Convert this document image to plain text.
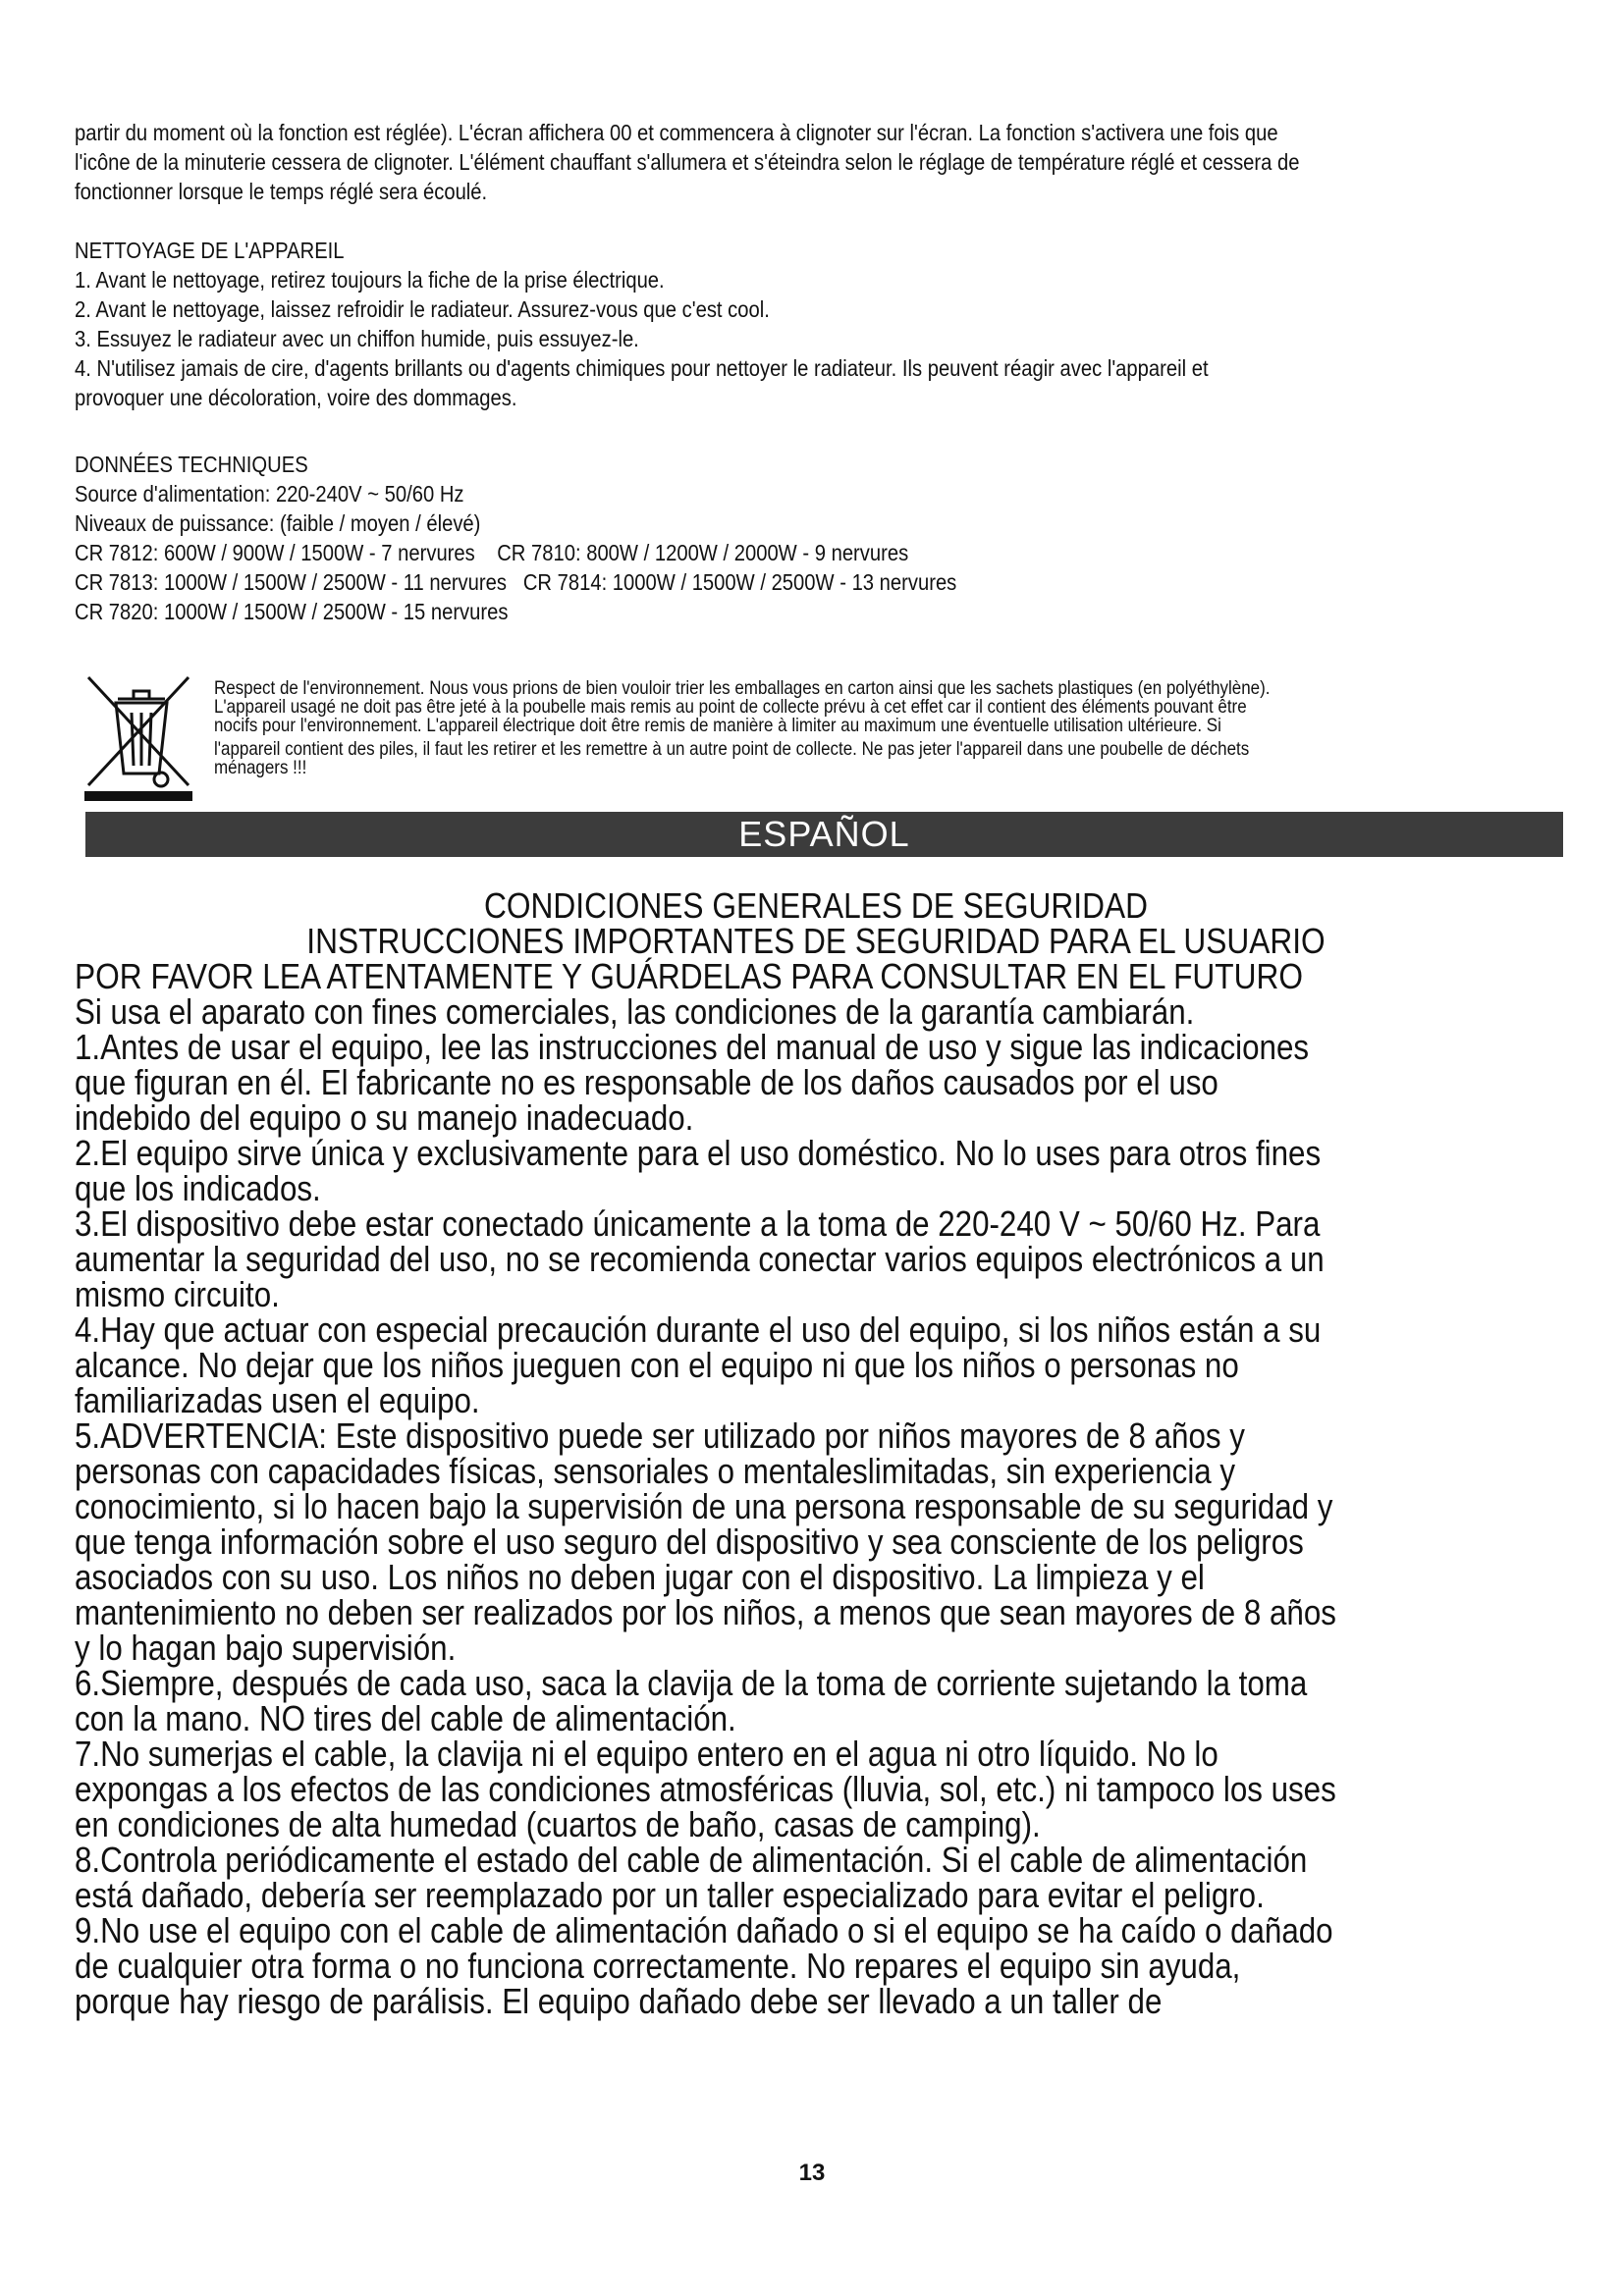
partir du moment où la fonction est réglée). L'écran affichera 00 et commencera à clignoter sur l'écran. La fonction s'activera une fois que

l'icône de la minuterie cessera de clignoter. L'élément chauffant s'allumera et s'éteindra selon le réglage de température réglé et cessera de

fonctionner lorsque le temps réglé sera écoulé.

NETTOYAGE DE L'APPAREIL

1. Avant le nettoyage, retirez toujours la fiche de la prise électrique.

2. Avant le nettoyage, laissez refroidir le radiateur. Assurez-vous que c'est cool.

3. Essuyez le radiateur avec un chiffon humide, puis essuyez-le.

4. N'utilisez jamais de cire, d'agents brillants ou d'agents chimiques pour nettoyer le radiateur. Ils peuvent réagir avec l'appareil et

provoquer une décoloration, voire des dommages.

DONNÉES TECHNIQUES

Source d'alimentation: 220-240V ~ 50/60 Hz

Niveaux de puissance: (faible / moyen / élevé)

CR 7812: 600W / 900W / 1500W - 7 nervures    CR 7810: 800W / 1200W / 2000W - 9 nervures

CR 7813: 1000W / 1500W / 2500W - 11 nervures   CR 7814: 1000W / 1500W / 2500W - 13 nervures

CR 7820: 1000W / 1500W / 2500W - 15 nervures

Respect de l'environnement. Nous vous prions de bien vouloir trier les emballages en carton ainsi que les sachets plastiques (en polyéthylène).

L'appareil usagé ne doit pas être jeté à la poubelle mais remis au point de collecte prévu à cet effet car il contient des éléments pouvant être

nocifs pour l'environnement. L'appareil électrique doit être remis de manière à limiter au maximum une éventuelle utilisation ultérieure. Si

l'appareil contient des piles, il faut les retirer et les remettre à un autre point de collecte. Ne pas jeter l'appareil dans une poubelle de déchets

ménagers !!!

ESPAÑOL
CONDICIONES GENERALES DE SEGURIDAD
INSTRUCCIONES IMPORTANTES DE SEGURIDAD PARA EL USUARIO
POR FAVOR LEA ATENTAMENTE Y GUÁRDELAS PARA CONSULTAR EN EL FUTURO

Si usa el aparato con fines comerciales, las condiciones de la garantía cambiarán.

1.Antes de usar el equipo, lee las instrucciones del manual de uso y sigue las indicaciones

que figuran en él. El fabricante no es responsable de los daños causados por el uso

indebido del equipo o su manejo inadecuado.

2.El equipo sirve única y exclusivamente para el uso doméstico. No lo uses para otros fines

que los indicados.

3.El dispositivo debe estar conectado únicamente a la toma de 220-240 V ~ 50/60 Hz. Para

aumentar la seguridad del uso, no se recomienda conectar varios equipos electrónicos a un

mismo circuito.

4.Hay que actuar con especial precaución durante el uso del equipo, si los niños están a su

alcance. No dejar que los niños jueguen con el equipo ni que los niños o personas no

familiarizadas usen el equipo.

5.ADVERTENCIA: Este dispositivo puede ser utilizado por niños mayores de 8 años y

personas con capacidades físicas, sensoriales o mentaleslimitadas, sin experiencia y

conocimiento, si lo hacen bajo la supervisión de una persona responsable de su seguridad y

que tenga información sobre el uso seguro del dispositivo y sea consciente de los peligros

asociados con su uso. Los niños no deben jugar con el dispositivo. La limpieza y el

mantenimiento no deben ser realizados por los niños, a menos que sean mayores de 8 años

y lo hagan bajo supervisión.

6.Siempre, después de cada uso, saca la clavija de la toma de corriente sujetando la toma

con la mano. NO tires del cable de alimentación.

7.No sumerjas el cable, la clavija ni el equipo entero en el agua ni otro líquido. No lo

expongas a los efectos de las condiciones atmosféricas (lluvia, sol, etc.) ni tampoco los uses

en condiciones de alta humedad (cuartos de baño, casas de camping).

8.Controla periódicamente el estado del cable de alimentación. Si el cable de alimentación

está dañado, debería ser reemplazado por un taller especializado para evitar el peligro.

9.No use el equipo con el cable de alimentación dañado o si el equipo se ha caído o dañado

de cualquier otra forma o no funciona correctamente. No repares el equipo sin ayuda,

porque hay riesgo de parálisis. El equipo dañado debe ser llevado a un taller de

13
